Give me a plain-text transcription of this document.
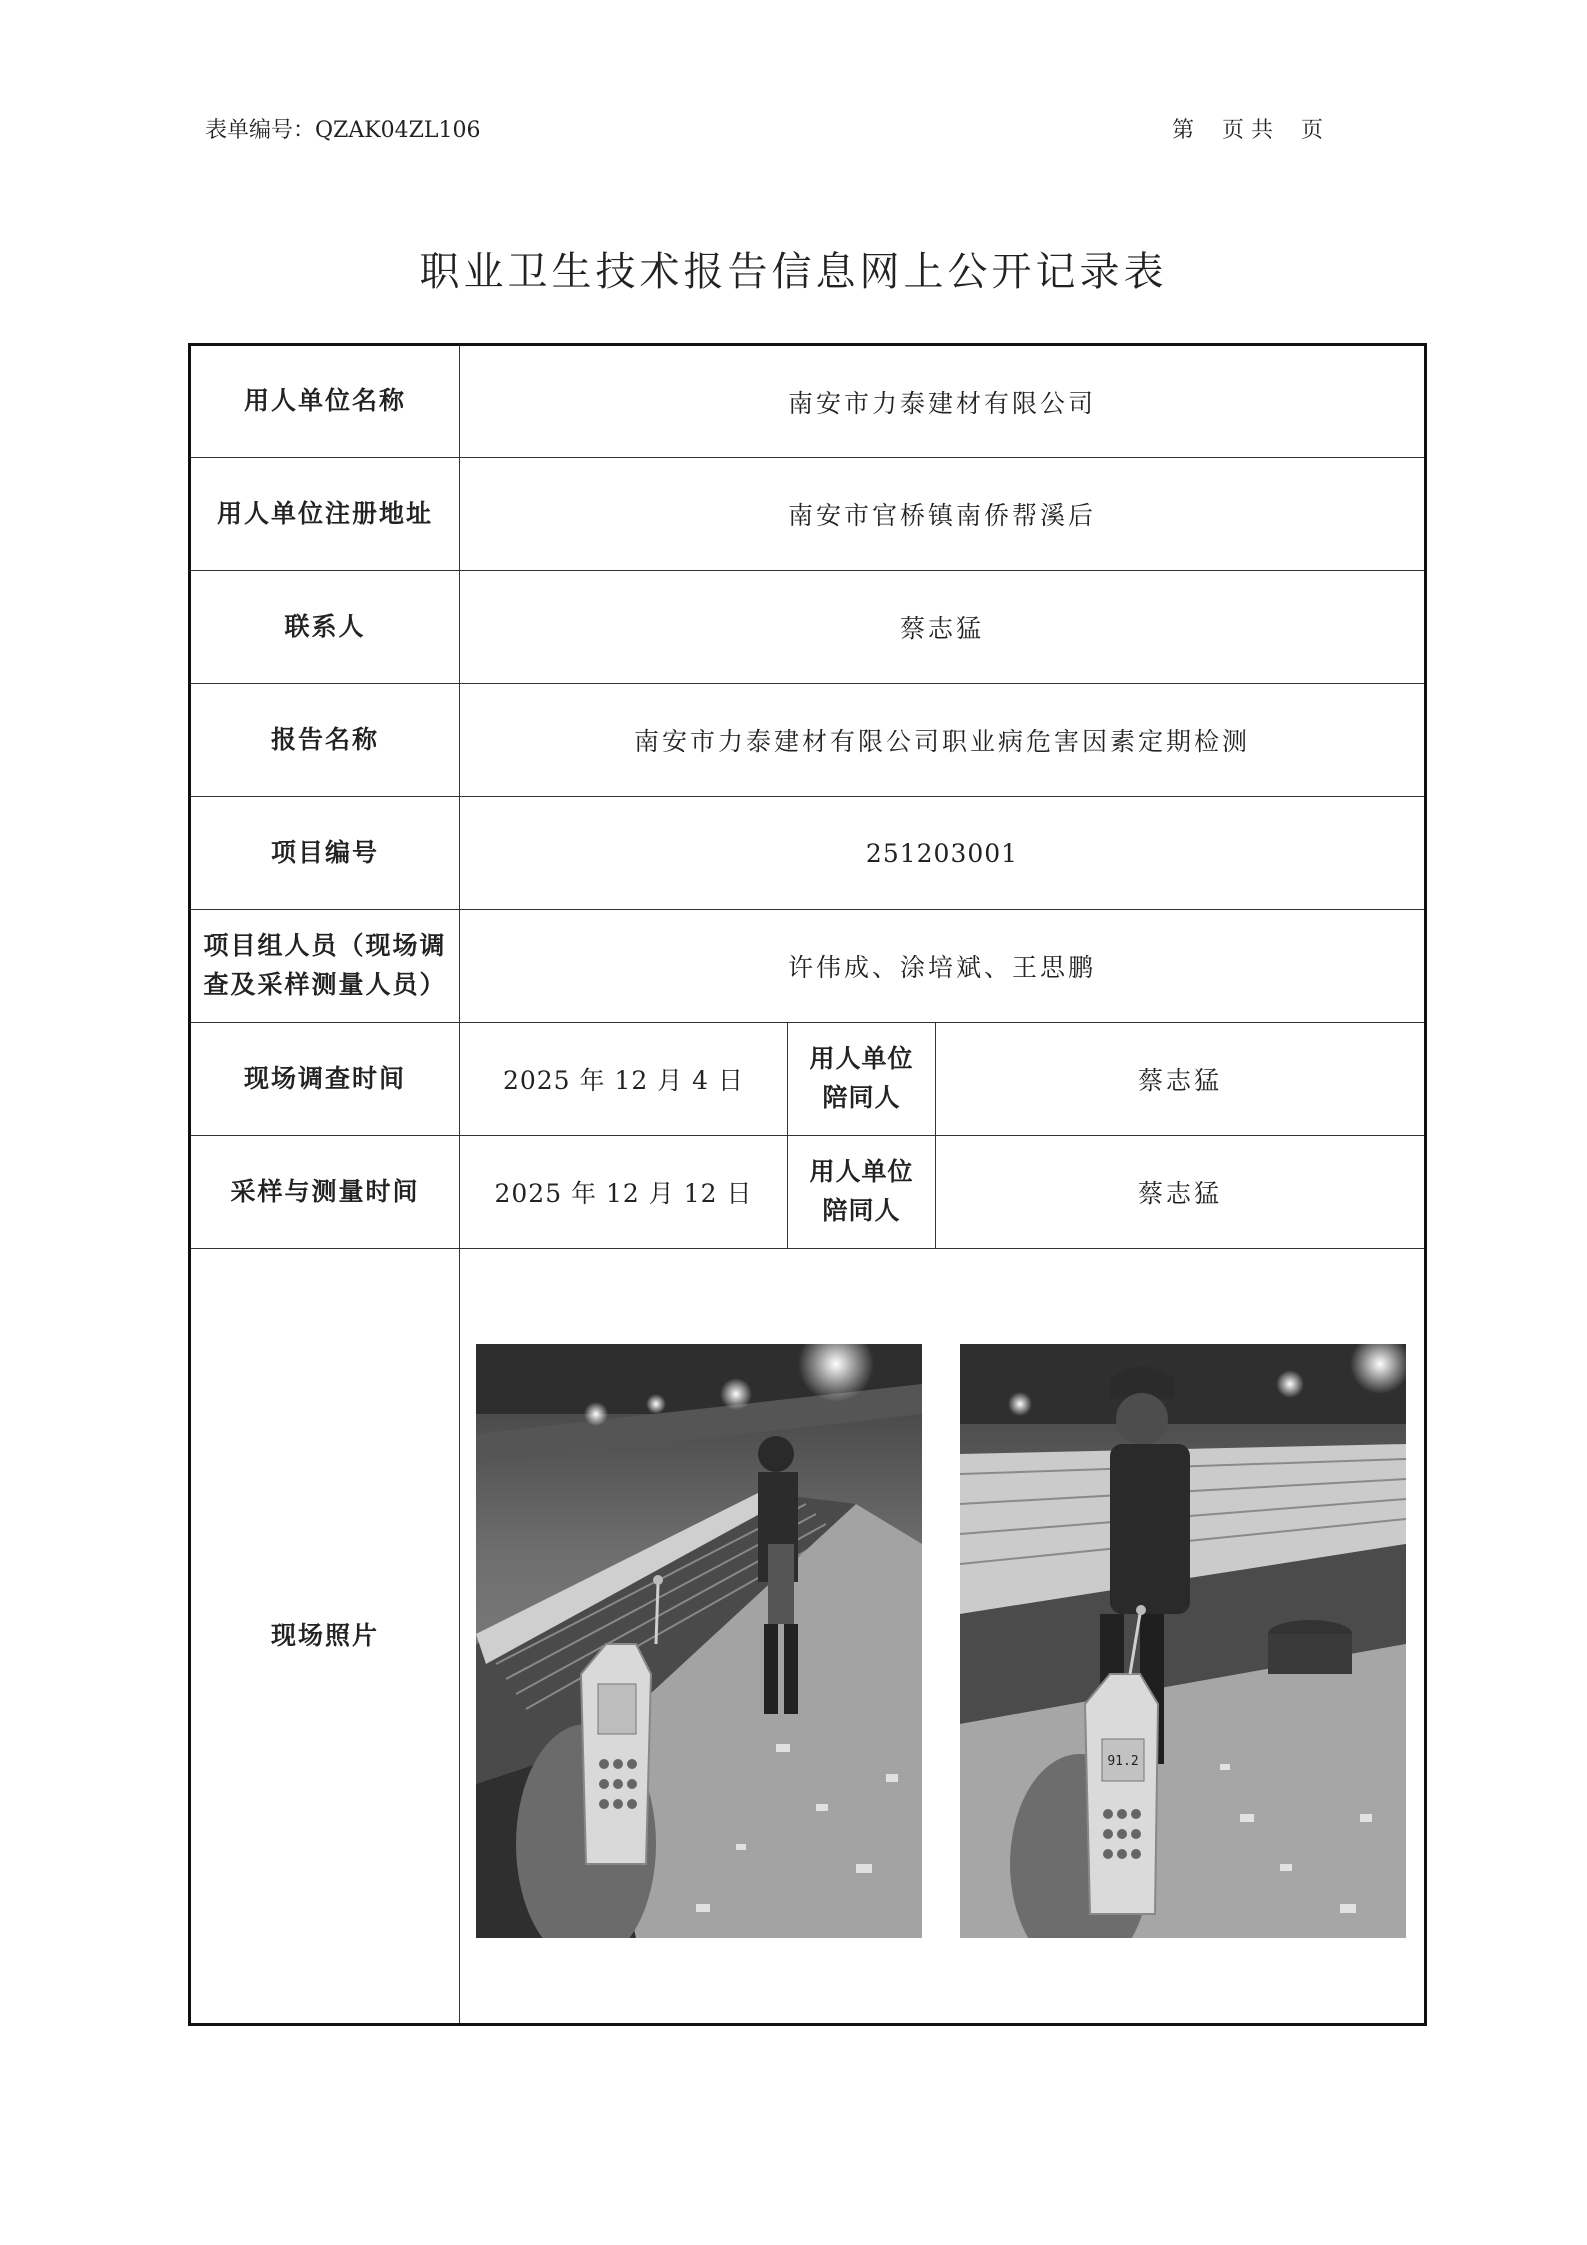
表单编号：QZAK04ZL106	第    页 共    页
职业卫生技术报告信息网上公开记录表
用人单位名称	南安市力泰建材有限公司		
用人单位注册地址	南安市官桥镇南侨帮溪后		
联系人	蔡志猛		
报告名称	南安市力泰建材有限公司职业病危害因素定期检测		
项目编号	251203001		
项目组人员（现场调查及采样测量人员）	许伟成、涂培斌、王思鹏		
现场调查时间	2025 年 12 月 4 日	用人单位陪同人	蔡志猛
采样与测量时间	2025 年 12 月 12 日	用人单位陪同人	蔡志猛
现场照片			
91.2
